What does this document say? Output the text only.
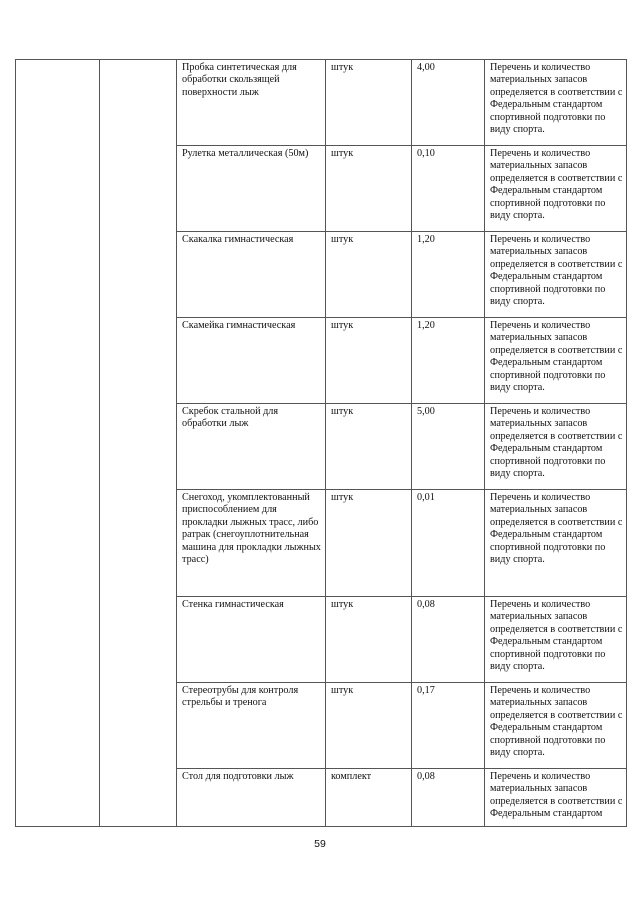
		Пробка синтетическая для обработки скользящей поверхности лыж	штук	4,00	Перечень и количество материальных запасов определяется в соответствии с Федеральным стандартом спортивной подготовки по виду спорта.
		Рулетка металлическая (50м)	штук	0,10	Перечень и количество материальных запасов определяется в соответствии с Федеральным стандартом спортивной подготовки по виду спорта.
		Скакалка гимнастическая	штук	1,20	Перечень и количество материальных запасов определяется в соответствии с Федеральным стандартом спортивной подготовки по виду спорта.
		Скамейка гимнастическая	штук	1,20	Перечень и количество материальных запасов определяется в соответствии с Федеральным стандартом спортивной подготовки по виду спорта.
		Скребок стальной для обработки лыж	штук	5,00	Перечень и количество материальных запасов определяется в соответствии с Федеральным стандартом спортивной подготовки по виду спорта.
		Снегоход, укомплектованный приспособлением для прокладки лыжных трасс, либо ратрак (снегоуплотнительная машина для прокладки лыжных трасс)	штук	0,01	Перечень и количество материальных запасов определяется в соответствии с Федеральным стандартом спортивной подготовки по виду спорта.
		Стенка гимнастическая	штук	0,08	Перечень и количество материальных запасов определяется в соответствии с Федеральным стандартом спортивной подготовки по виду спорта.
		Стереотрубы для контроля стрельбы и тренога	штук	0,17	Перечень и количество материальных запасов определяется в соответствии с Федеральным стандартом спортивной подготовки по виду спорта.
		Стол для подготовки лыж	комплект	0,08	Перечень и количество материальных запасов определяется в соответствии с Федеральным стандартом
59
